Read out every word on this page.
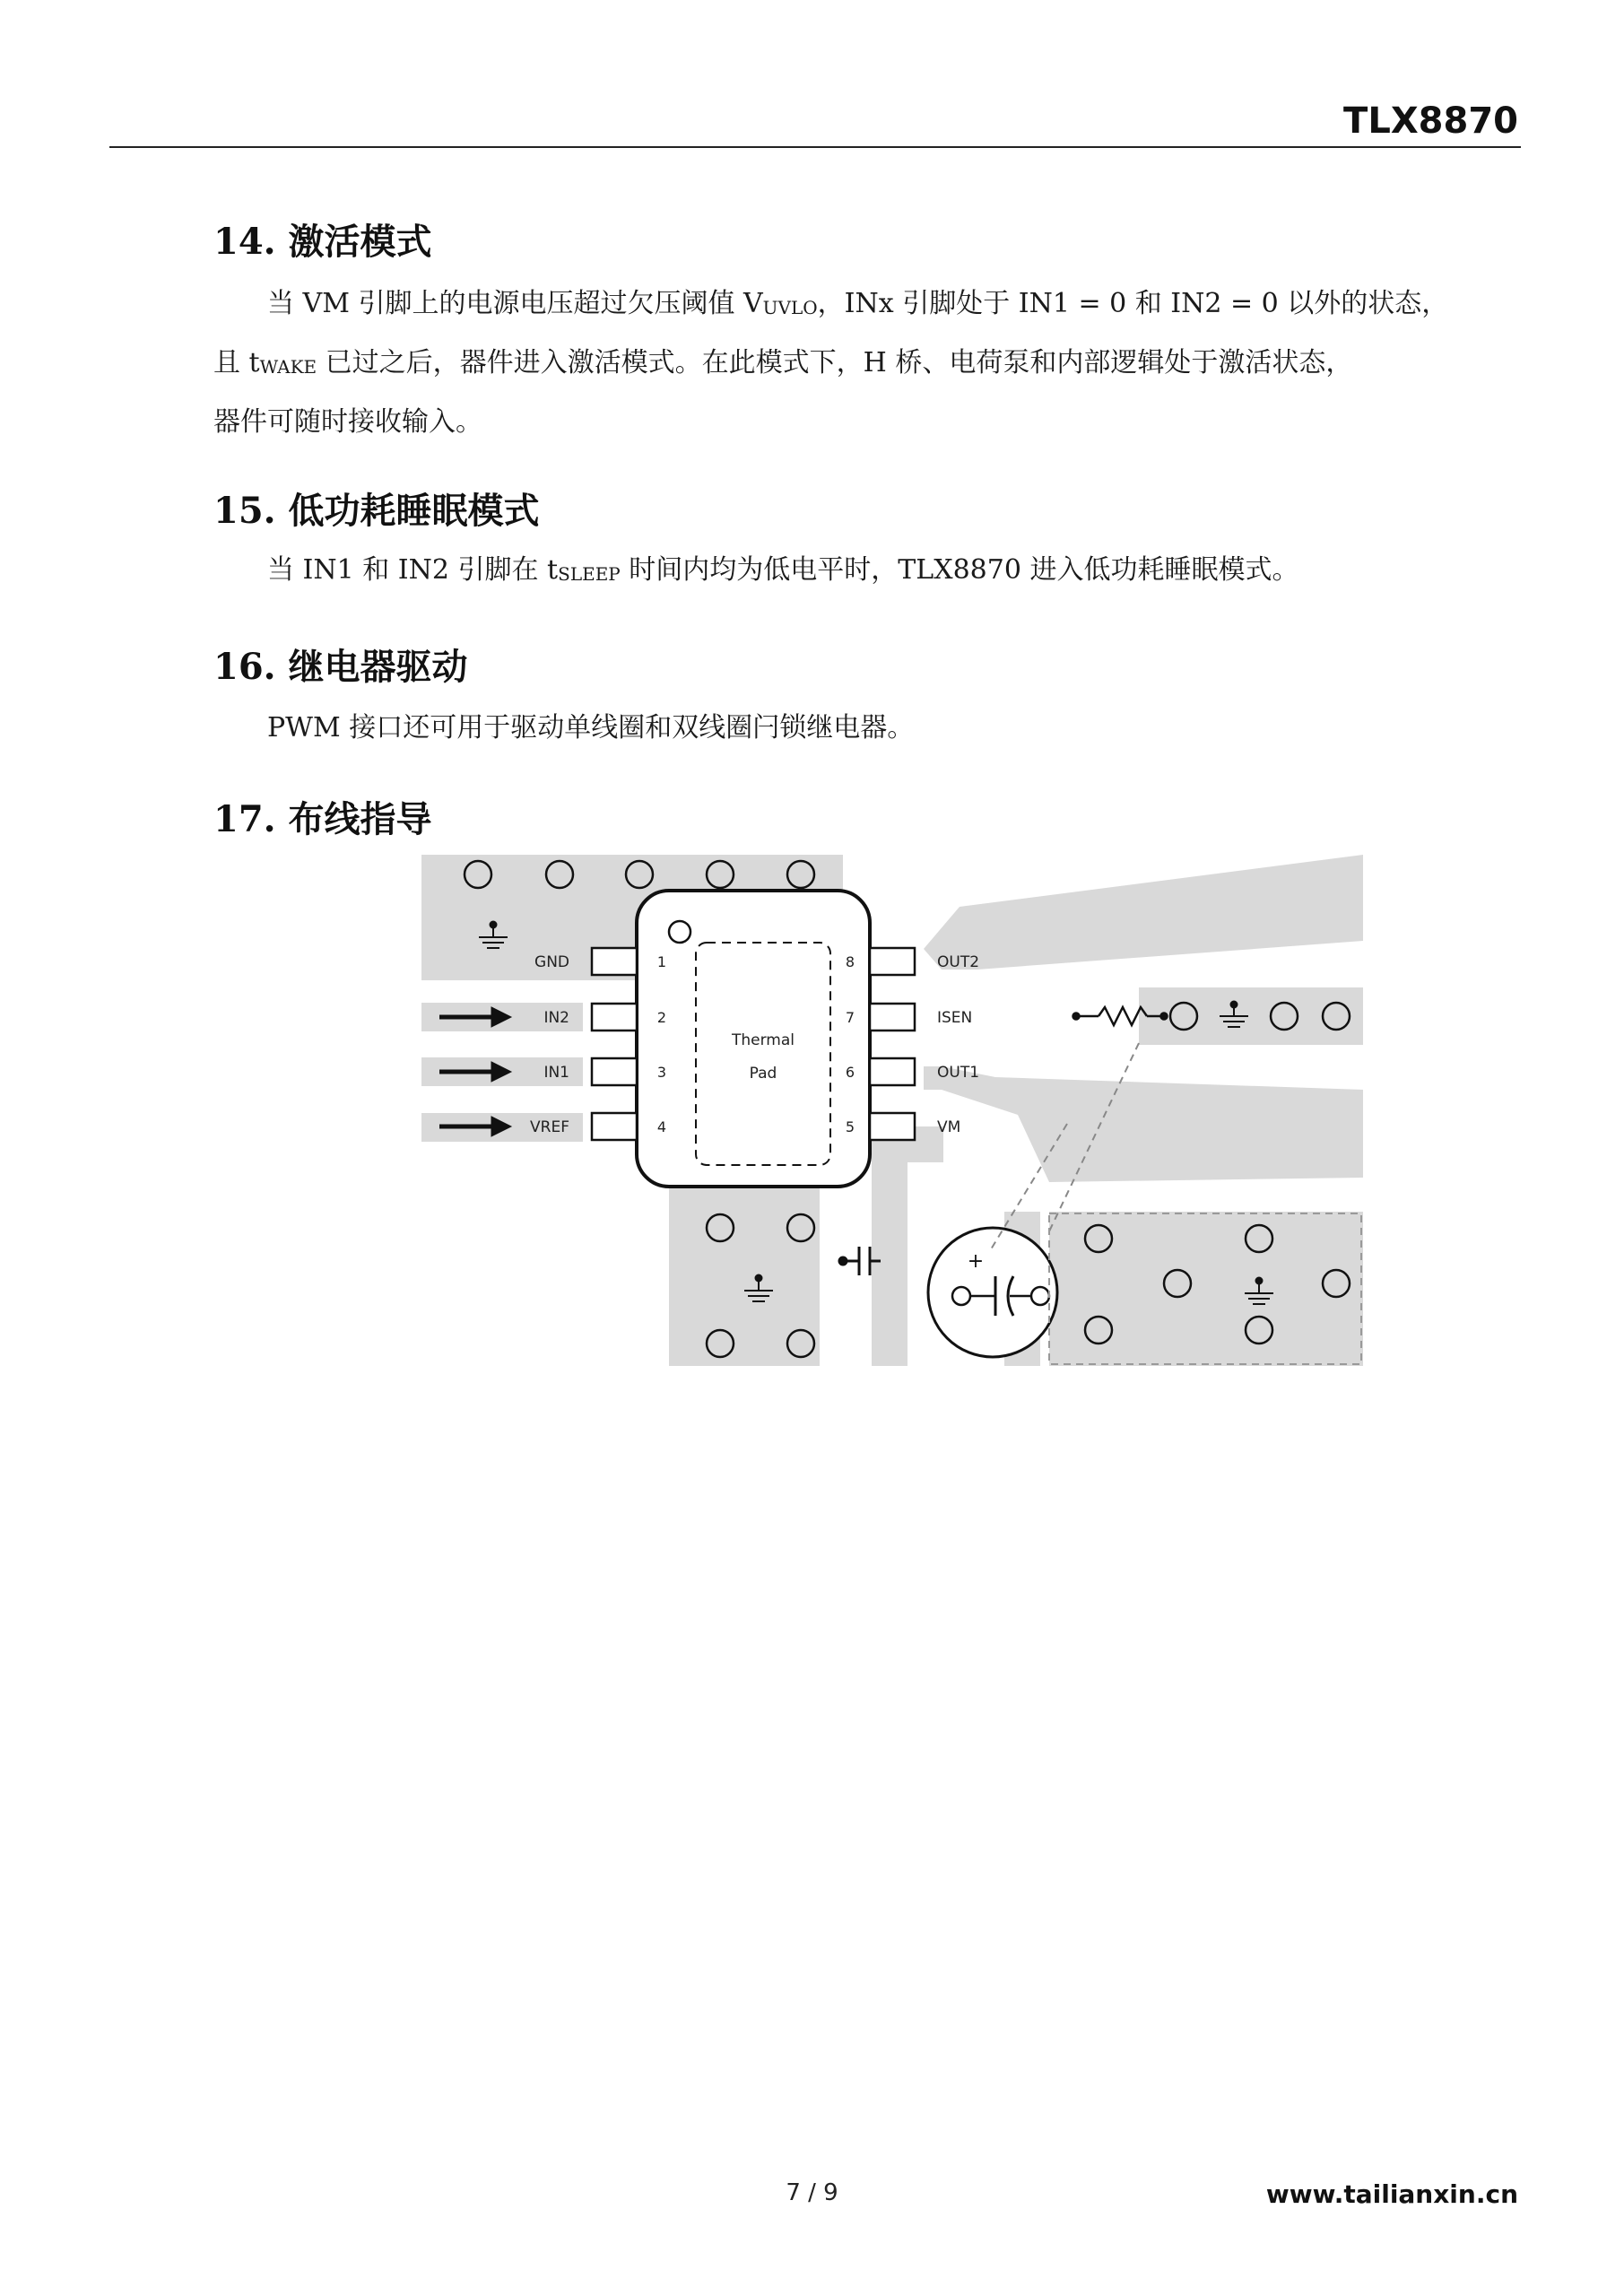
TLX8870
14. 激活模式

当 VM 引脚上的电源电压超过欠压阈值 $V_{UVLO}$，INx 引脚处于 IN1 = 0 和 IN2 = 0 以外的状态，
且 $t_{WAKE}$ 已过之后，器件进入激活模式。在此模式下，H 桥、电荷泵和内部逻辑处于激活状态，
器件可随时接收输入。

15. 低功耗睡眠模式

当 IN1 和 IN2 引脚在 $t_{SLEEP}$ 时间内均为低电平时，TLX8870 进入低功耗睡眠模式。

16. 继电器驱动

PWM 接口还可用于驱动单线圈和双线圈闩锁继电器。

17. 布线指导
+
Thermal
Pad
GND	1
IN2	2
IN1	3
VREF	4
OUT2
8
ISEN
7
OUT1
6
VM
5
7 / 9	www.tailianxin.cn
